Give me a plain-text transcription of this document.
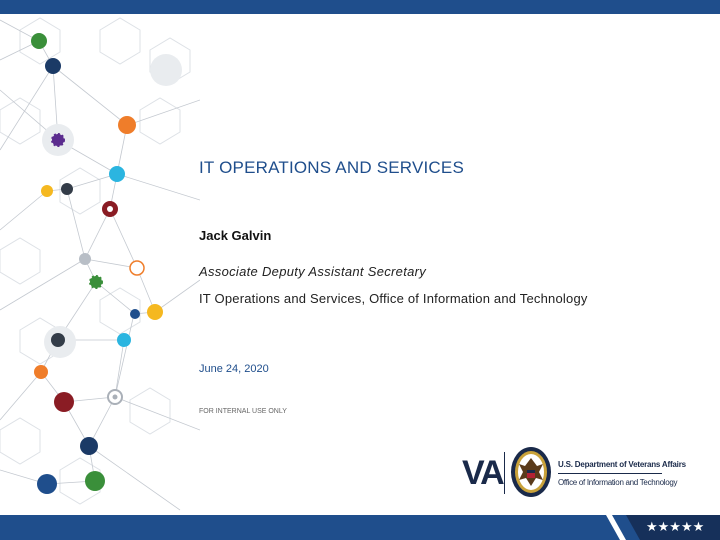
IT OPERATIONS AND SERVICES
Jack Galvin
Associate Deputy Assistant Secretary
IT Operations and Services, Office of Information and Technology
June 24, 2020
FOR INTERNAL USE ONLY
VA	U.S. Department of Veterans Affairs
Office of Information and Technology
★★★★★
